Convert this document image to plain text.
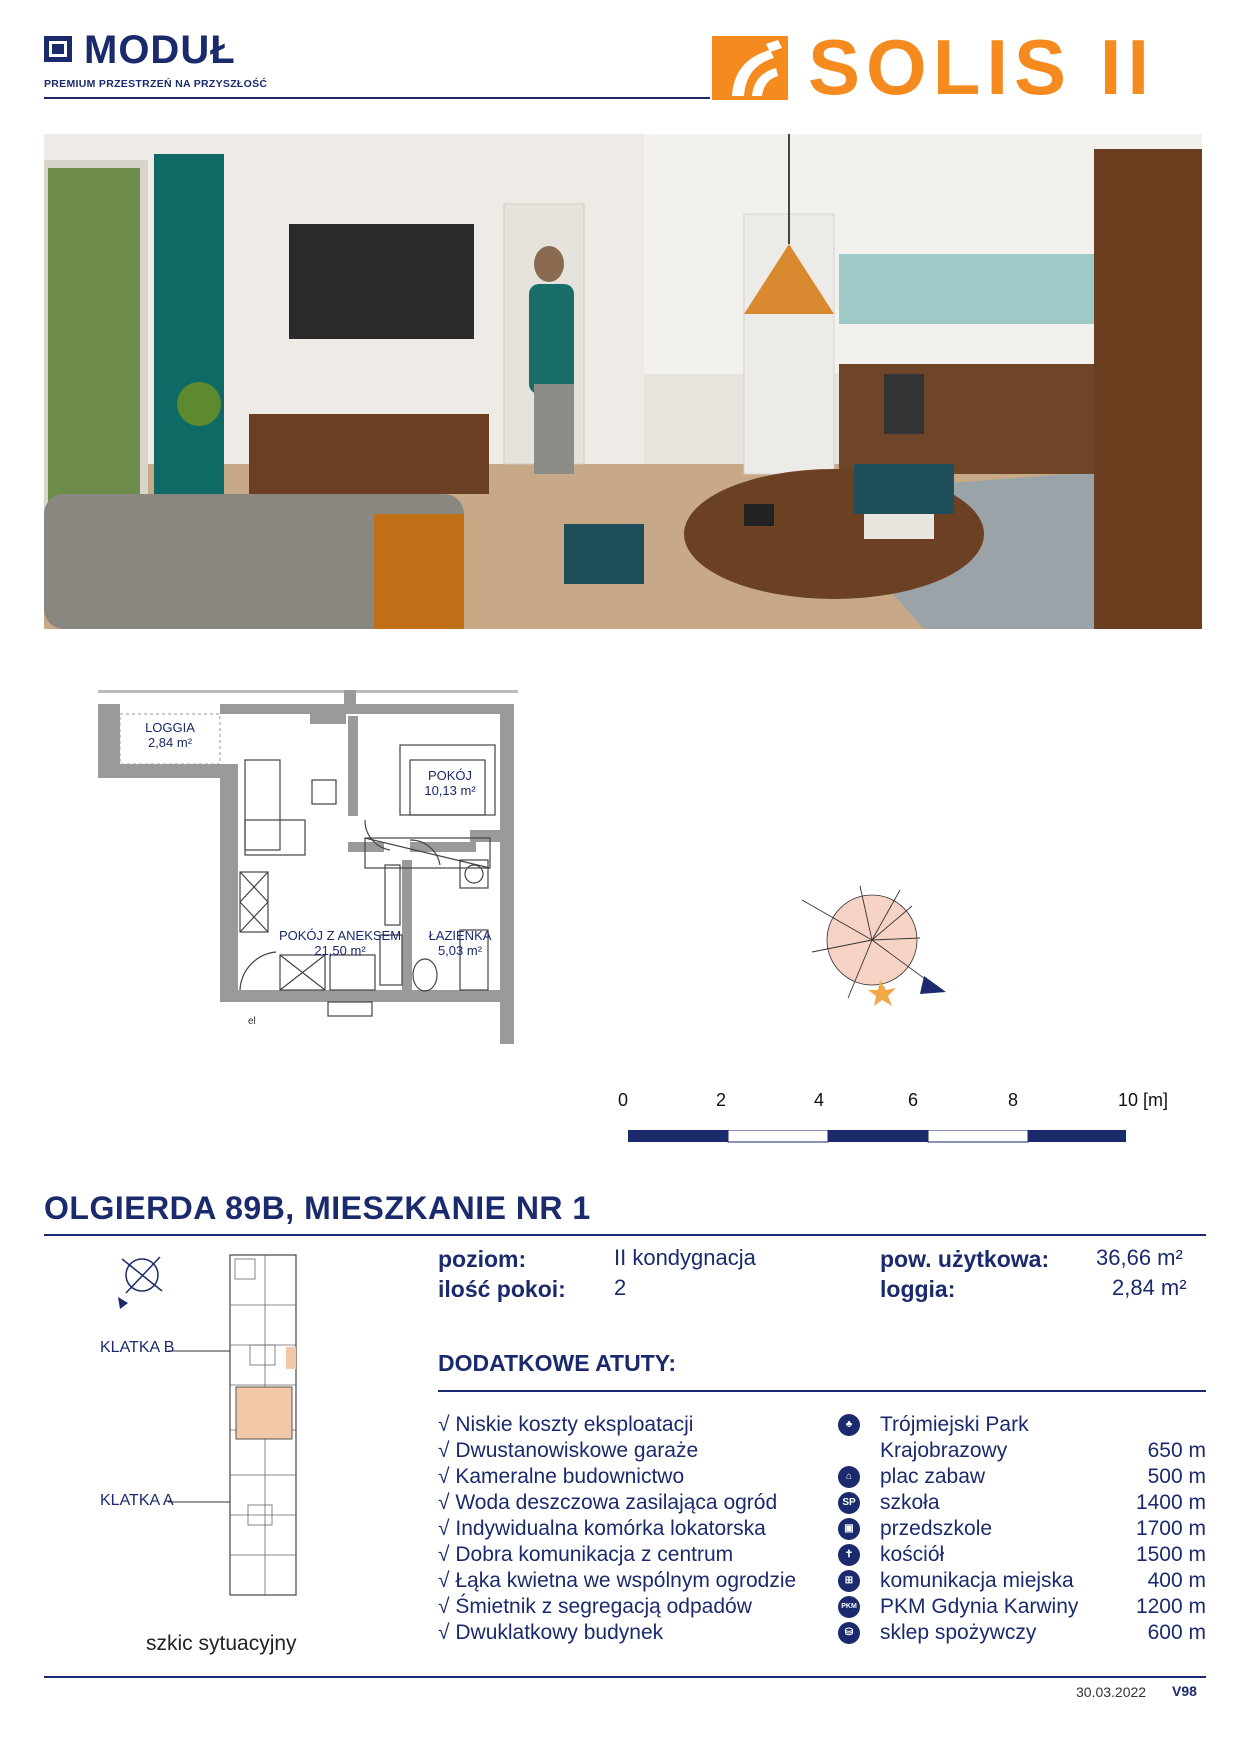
MODUŁ
PREMIUM PRZESTRZEŃ NA PRZYSZŁOŚĆ	SOLIS II
LOGGIA
2,84 m²
POKÓJ
10,13 m²
POKÓJ Z ANEKSEM
21,50 m²
ŁAZIENKA
5,03 m²
el
0	2	4	6	8	10 [m]
OLGIERDA 89B, MIESZKANIE NR 1
KLATKA B
KLATKA A
szkic sytuacyjny
poziom:	II kondygnacja
ilość pokoi: 2
pow. użytkowa: 36,66 m²
loggia:	2,84 m²
DODATKOWE ATUTY:
√ Niskie koszty eksploatacji
√ Dwustanowiskowe garaże
√ Kameralne budownictwo
√ Woda deszczowa zasilająca ogród
√ Indywidualna komórka lokatorska
√ Dobra komunikacja z centrum
√ Łąka kwietna we wspólnym ogrodzie
√ Śmietnik z segregacją odpadów
√ Dwuklatkowy budynek
♣	Trójmiejski Park
Krajobrazowy	650 m
⌂	plac zabaw	500 m
SP szkoła	1400 m
▣ przedszkole	1700 m
✝	kościół	1500 m
⊞	komunikacja miejska	400 m
PKM PKM Gdynia Karwiny	1200 m
⛁	sklep spożywczy	600 m
30.03.2022 V98
